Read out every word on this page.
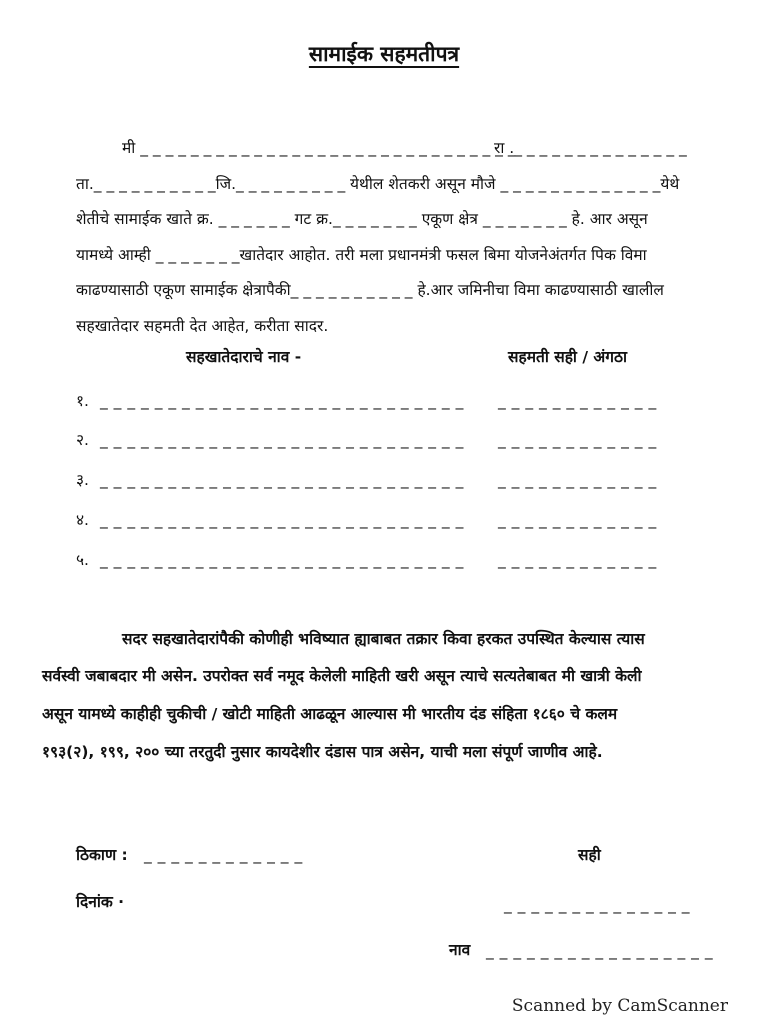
सामाईक सहमतीपत्र
मी _ _ _ _ _ _ _ _ _ _ _ _ _ _ _ _ _ _ _ _ _ _ _ _ _ _ _ _ _ _
रा ._ _ _ _ _ _ _ _ _ _ _ _ _ _
ता._ _ _ _ _ _ _ _ _ _जि._ _ _ _ _ _ _ _ _ येथील शेतकरी असून मौजे _ _ _ _ _ _ _ _ _ _ _ _ _येथे
शेतीचे सामाईक खाते क्र. _ _ _ _ _ _ गट क्र._ _ _ _ _ _ _ एकूण क्षेत्र _ _ _ _ _ _ _ हे. आर असून
यामध्ये आम्ही _ _ _ _ _ _ _खातेदार आहोत. तरी मला प्रधानमंत्री फसल बिमा योजनेअंतर्गत पिक विमा
काढण्यासाठी एकूण सामाईक क्षेत्रापैकी_ _ _ _ _ _ _ _ _ _ हे.आर जमिनीचा विमा काढण्यासाठी खालील
सहखातेदार सहमती देत आहेत, करीता सादर.
सहखातेदाराचे नाव -	सहमती सही / अंगठा
१. _ _ _ _ _ _ _ _ _ _ _ _ _ _ _ _ _ _ _ _ _ _ _ _ _ _ _ _ _ _ _ _ _ _ _ _ _ _ _
२. _ _ _ _ _ _ _ _ _ _ _ _ _ _ _ _ _ _ _ _ _ _ _ _ _ _ _ _ _ _ _ _ _ _ _ _ _ _ _
३. _ _ _ _ _ _ _ _ _ _ _ _ _ _ _ _ _ _ _ _ _ _ _ _ _ _ _ _ _ _ _ _ _ _ _ _ _ _ _
४. _ _ _ _ _ _ _ _ _ _ _ _ _ _ _ _ _ _ _ _ _ _ _ _ _ _ _ _ _ _ _ _ _ _ _ _ _ _ _
५. _ _ _ _ _ _ _ _ _ _ _ _ _ _ _ _ _ _ _ _ _ _ _ _ _ _ _ _ _ _ _ _ _ _ _ _ _ _ _
सदर सहखातेदारांपैकी कोणीही भविष्यात ह्याबाबत तक्रार किवा हरकत उपस्थित केल्यास त्यास
सर्वस्वी जबाबदार मी असेन. उपरोक्त सर्व नमूद केलेली माहिती खरी असून त्याचे सत्यतेबाबत मी खात्री केली
असून यामध्ये काहीही चुकीची / खोटी माहिती आढळून आल्यास मी भारतीय दंड संहिता १८६० चे कलम
१९३(२), १९९, २०० च्या तरतुदी नुसार कायदेशीर दंडास पात्र असेन, याची मला संपूर्ण जाणीव आहे.
ठिकाण : _ _ _ _ _ _ _ _ _ _ _ _	सही
दिनांक ·	_ _ _ _ _ _ _ _ _ _ _ _ _ _
नाव _ _ _ _ _ _ _ _ _ _ _ _ _ _ _ _ _
Scanned by CamScanner
